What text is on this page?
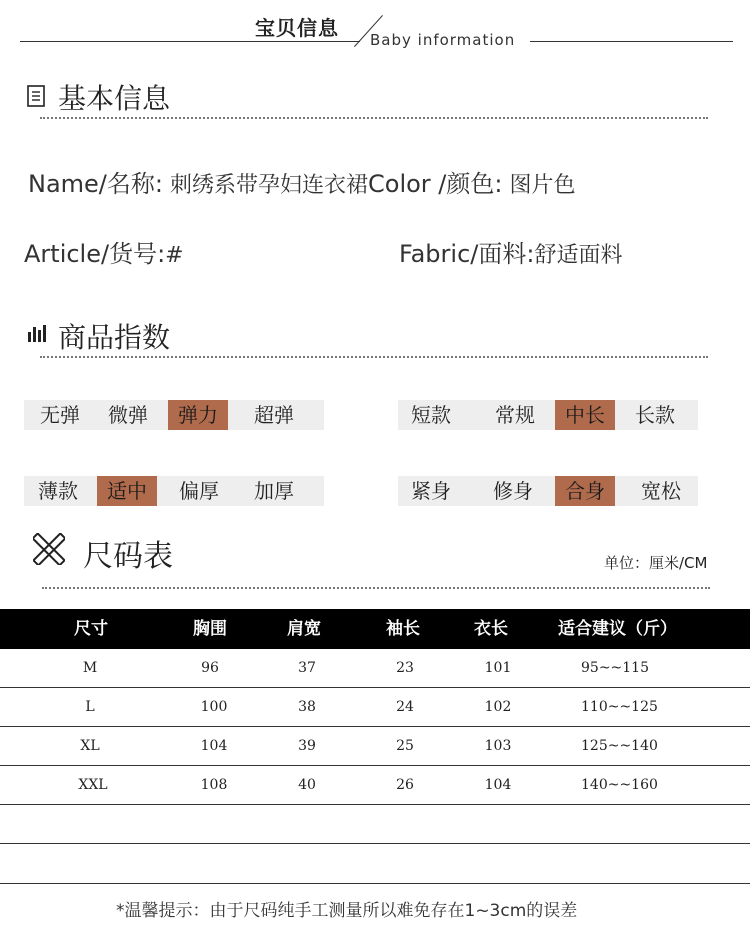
宝贝信息 Baby information
基本信息
Name/名称: 刺绣系带孕妇连衣裙Color /颜色: 图片色
Article/货号:#	Fabric/面料:舒适面料
商品指数
无弹	微弹	弹力	超弹	短款	常规	中长	长款
薄款	适中	偏厚	加厚	紧身	修身	合身	宽松
尺码表	单位：厘米/CM
尺寸	胸围	肩宽	袖长	衣长	适合建议（斤）
M	96	37	23	101	95~~115
L	100	38	24	102	110~~125
XL	104	39	25	103	125~~140
XXL	108	40	26	104	140~~160
*温馨提示：由于尺码纯手工测量所以难免存在1~3cm的误差
